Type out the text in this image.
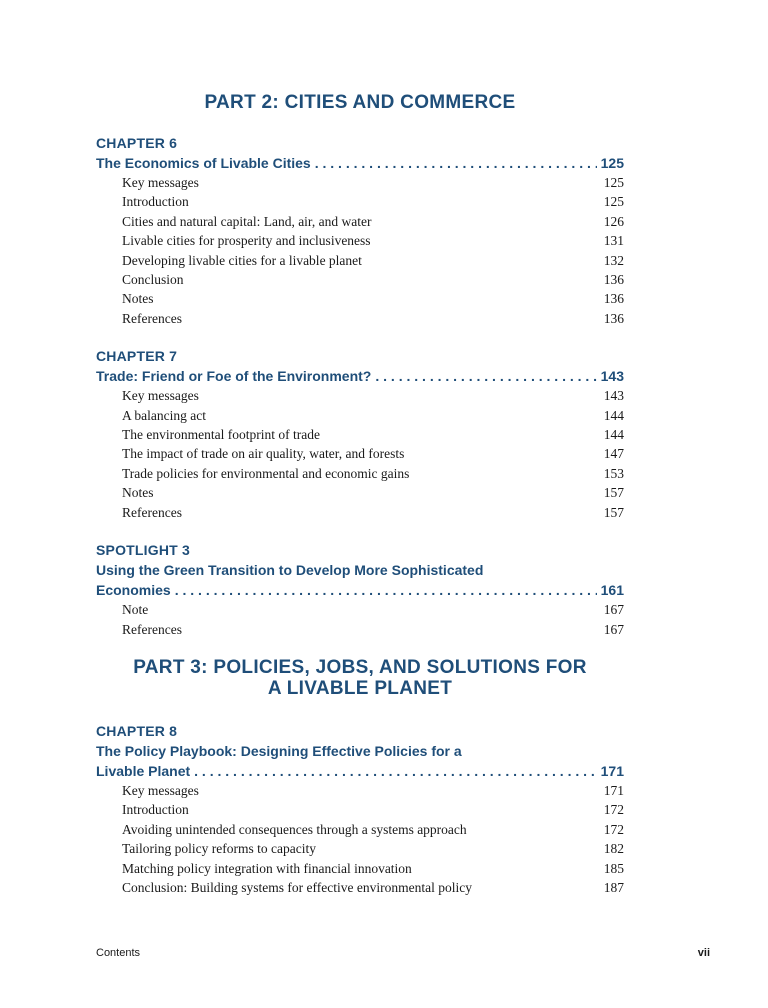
PART 2: CITIES AND COMMERCE
CHAPTER 6
The Economics of Livable Cities . . .	125
Key messages	125
Introduction	125
Cities and natural capital: Land, air, and water	126
Livable cities for prosperity and inclusiveness	131
Developing livable cities for a livable planet	132
Conclusion	136
Notes	136
References	136
CHAPTER 7
Trade: Friend or Foe of the Environment? . . .	143
Key messages	143
A balancing act	144
The environmental footprint of trade	144
The impact of trade on air quality, water, and forests	147
Trade policies for environmental and economic gains	153
Notes	157
References	157
SPOTLIGHT 3
Using the Green Transition to Develop More Sophisticated
Economies . . .	161
Note	167
References	167
PART 3: POLICIES, JOBS, AND SOLUTIONS FOR
A LIVABLE PLANET
CHAPTER 8
The Policy Playbook: Designing Effective Policies for a
Livable Planet . . .	171
Key messages	171
Introduction	172
Avoiding unintended consequences through a systems approach	172
Tailoring policy reforms to capacity	182
Matching policy integration with financial innovation	185
Conclusion: Building systems for effective environmental policy	187
Contents	vii
